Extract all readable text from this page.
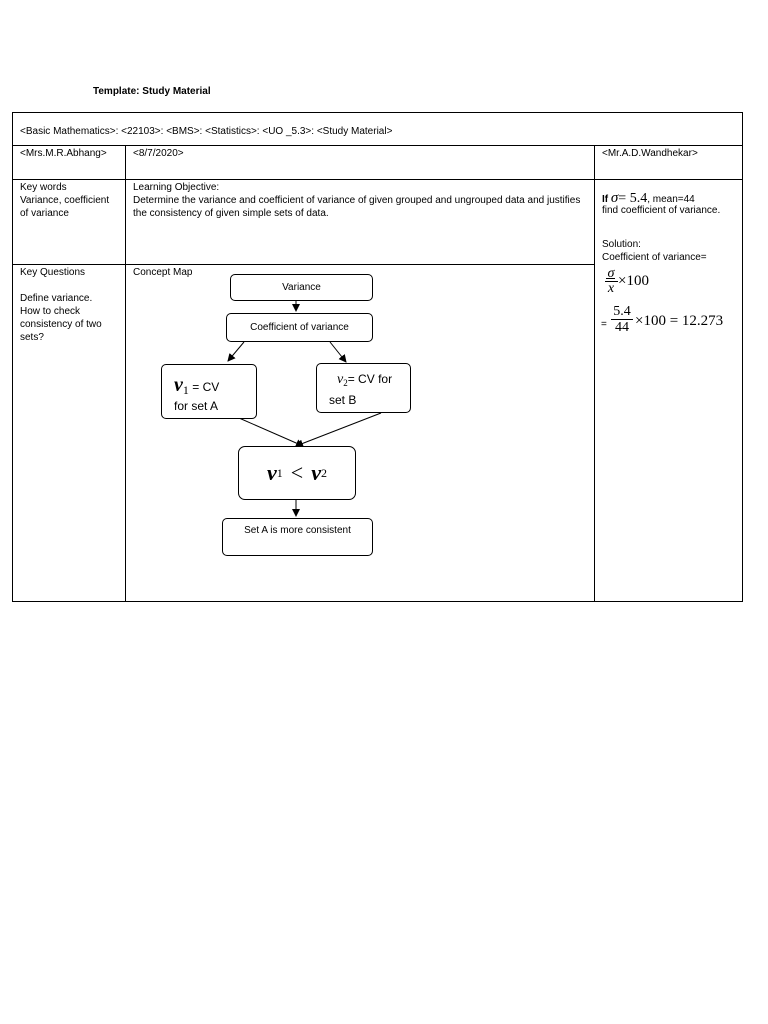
Template: Study Material
<Basic Mathematics>: <22103>: <BMS>: <Statistics>: <UO _5.3>: <Study Material>
<Mrs.M.R.Abhang>	<8/7/2020>	<Mr.A.D.Wandhekar>
Key words
Variance, coefficient of variance
Learning Objective:
Determine the variance and coefficient of variance of given grouped and ungrouped data and justifies the consistency of given simple sets of data.
Key Questions
Define variance.
How to check consistency of two sets?
Concept Map
Variance
Coefficient of variance
v1 = CV
for set A
$v_2=$ CV for
set B
v 1 < v 2
Set A is more consistent
If σ= 5.4, mean=44
find coefficient of variance.
Solution:
Coefficient of variance=
σ
x ×100
=
5.4
44 ×100 = 12.273
